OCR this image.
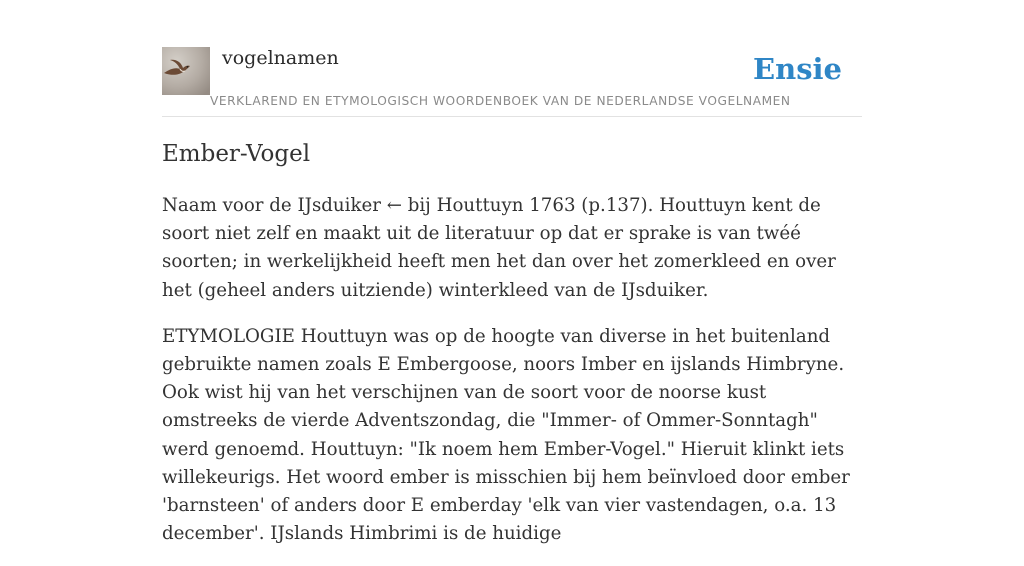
vogelnamen
VERKLAREND EN ETYMOLOGISCH WOORDENBOEK VAN DE NEDERLANDSE VOGELNAMEN
Ensie
Ember-Vogel

Naam voor de IJsduiker ← bij Houttuyn 1763 (p.137). Houttuyn kent de soort niet zelf en maakt uit de literatuur op dat er sprake is van twéé soorten; in werkelijkheid heeft men het dan over het zomerkleed en over het (geheel anders uitziende) winterkleed van de IJsduiker.

ETYMOLOGIE Houttuyn was op de hoogte van diverse in het buitenland gebruikte namen zoals E Embergoose, noors Imber en ijslands Himbryne. Ook wist hij van het verschijnen van de soort voor de noorse kust omstreeks de vierde Adventszondag, die "Immer- of Ommer-Sonntagh" werd genoemd. Houttuyn: "Ik noem hem Ember-Vogel." Hieruit klinkt iets willekeurigs. Het woord ember is misschien bij hem beïnvloed door ember 'barnsteen' of anders door E emberday 'elk van vier vastendagen, o.a. 13 december'. IJslands Himbrimi is de huidige
